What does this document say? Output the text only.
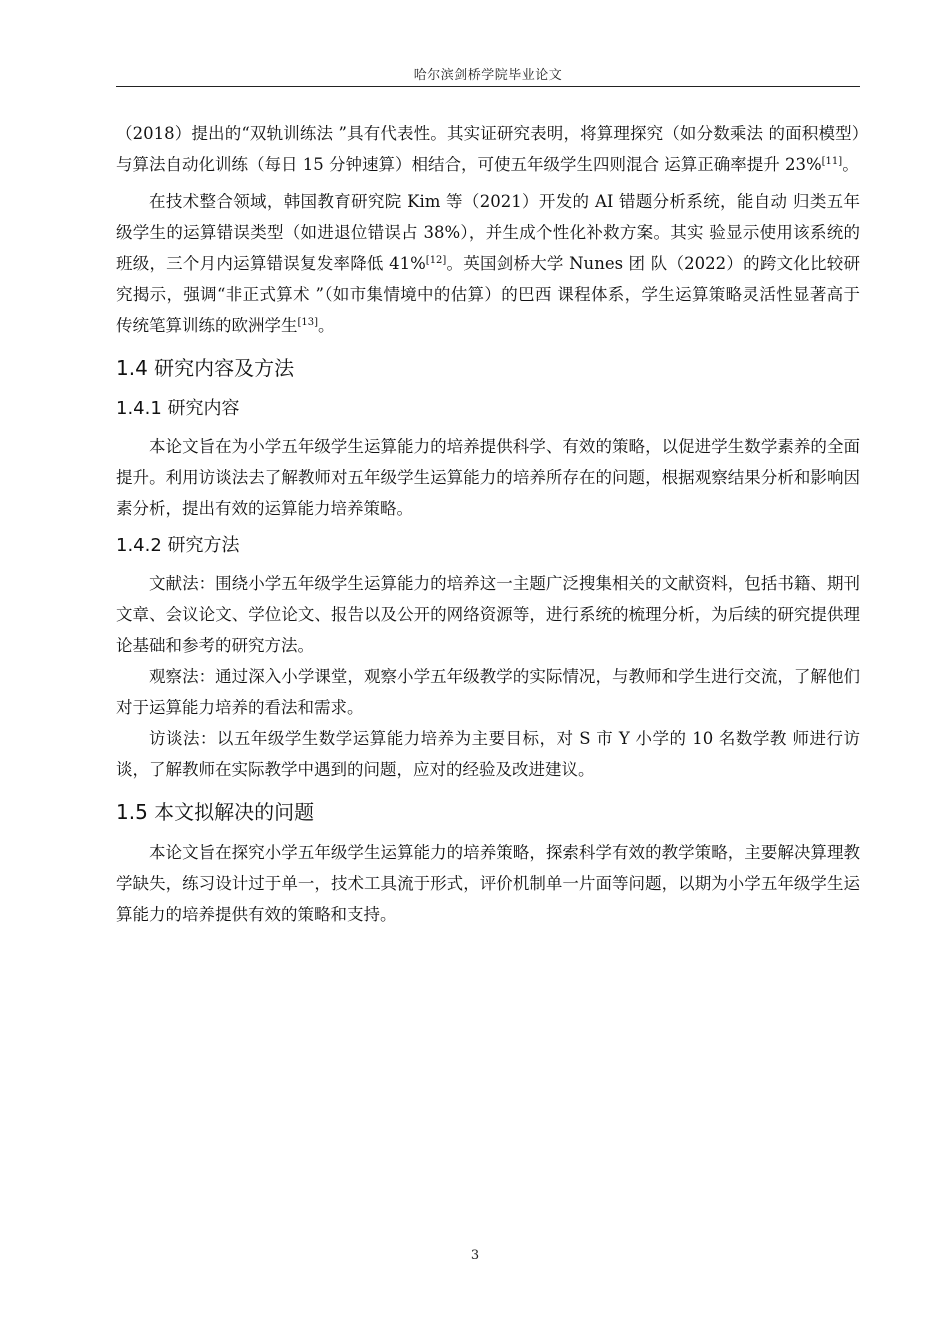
哈尔滨剑桥学院毕业论文

（2018）提出的“双轨训练法 ”具有代表性。其实证研究表明，将算理探究（如分数乘法 的面积模型）与算法自动化训练（每日 15 分钟速算）相结合，可使五年级学生四则混合 运算正确率提升 23%[11]。

在技术整合领域，韩国教育研究院 Kim 等（2021）开发的 AI 错题分析系统，能自动 归类五年级学生的运算错误类型（如进退位错误占 38%），并生成个性化补救方案。其实 验显示使用该系统的班级，三个月内运算错误复发率降低 41%[12]。英国剑桥大学 Nunes 团 队（2022）的跨文化比较研究揭示，强调“非正式算术 ”（如市集情境中的估算）的巴西 课程体系，学生运算策略灵活性显著高于传统笔算训练的欧洲学生[13]。

1.4 研究内容及方法
1.4.1 研究内容

本论文旨在为小学五年级学生运算能力的培养提供科学、有效的策略，以促进学生数学素养的全面提升。利用访谈法去了解教师对五年级学生运算能力的培养所存在的问题，根据观察结果分析和影响因素分析，提出有效的运算能力培养策略。

1.4.2 研究方法

文献法：围绕小学五年级学生运算能力的培养这一主题广泛搜集相关的文献资料，包括书籍、期刊文章、会议论文、学位论文、报告以及公开的网络资源等，进行系统的梳理分析，为后续的研究提供理论基础和参考的研究方法。

观察法：通过深入小学课堂，观察小学五年级教学的实际情况，与教师和学生进行交流，了解他们对于运算能力培养的看法和需求。

访谈法：以五年级学生数学运算能力培养为主要目标，对 S 市 Y 小学的 10 名数学教 师进行访谈，了解教师在实际教学中遇到的问题，应对的经验及改进建议。

1.5 本文拟解决的问题

本论文旨在探究小学五年级学生运算能力的培养策略，探索科学有效的教学策略，主要解决算理教学缺失，练习设计过于单一，技术工具流于形式，评价机制单一片面等问题，以期为小学五年级学生运算能力的培养提供有效的策略和支持。

3
